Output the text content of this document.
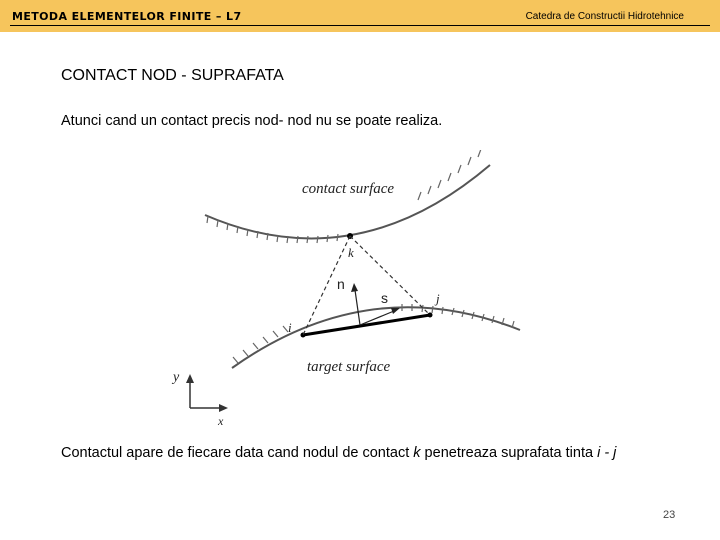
METODA ELEMENTELOR FINITE – L7	Catedra de Constructii Hidrotehnice
CONTACT NOD - SUPRAFATA
Atunci cand un contact precis nod- nod nu se poate realiza.
contact surface
target surface
n
s
k
i
j
y
x
Contactul apare de fiecare data cand nodul de contact k penetreaza suprafata tinta i - j
23
